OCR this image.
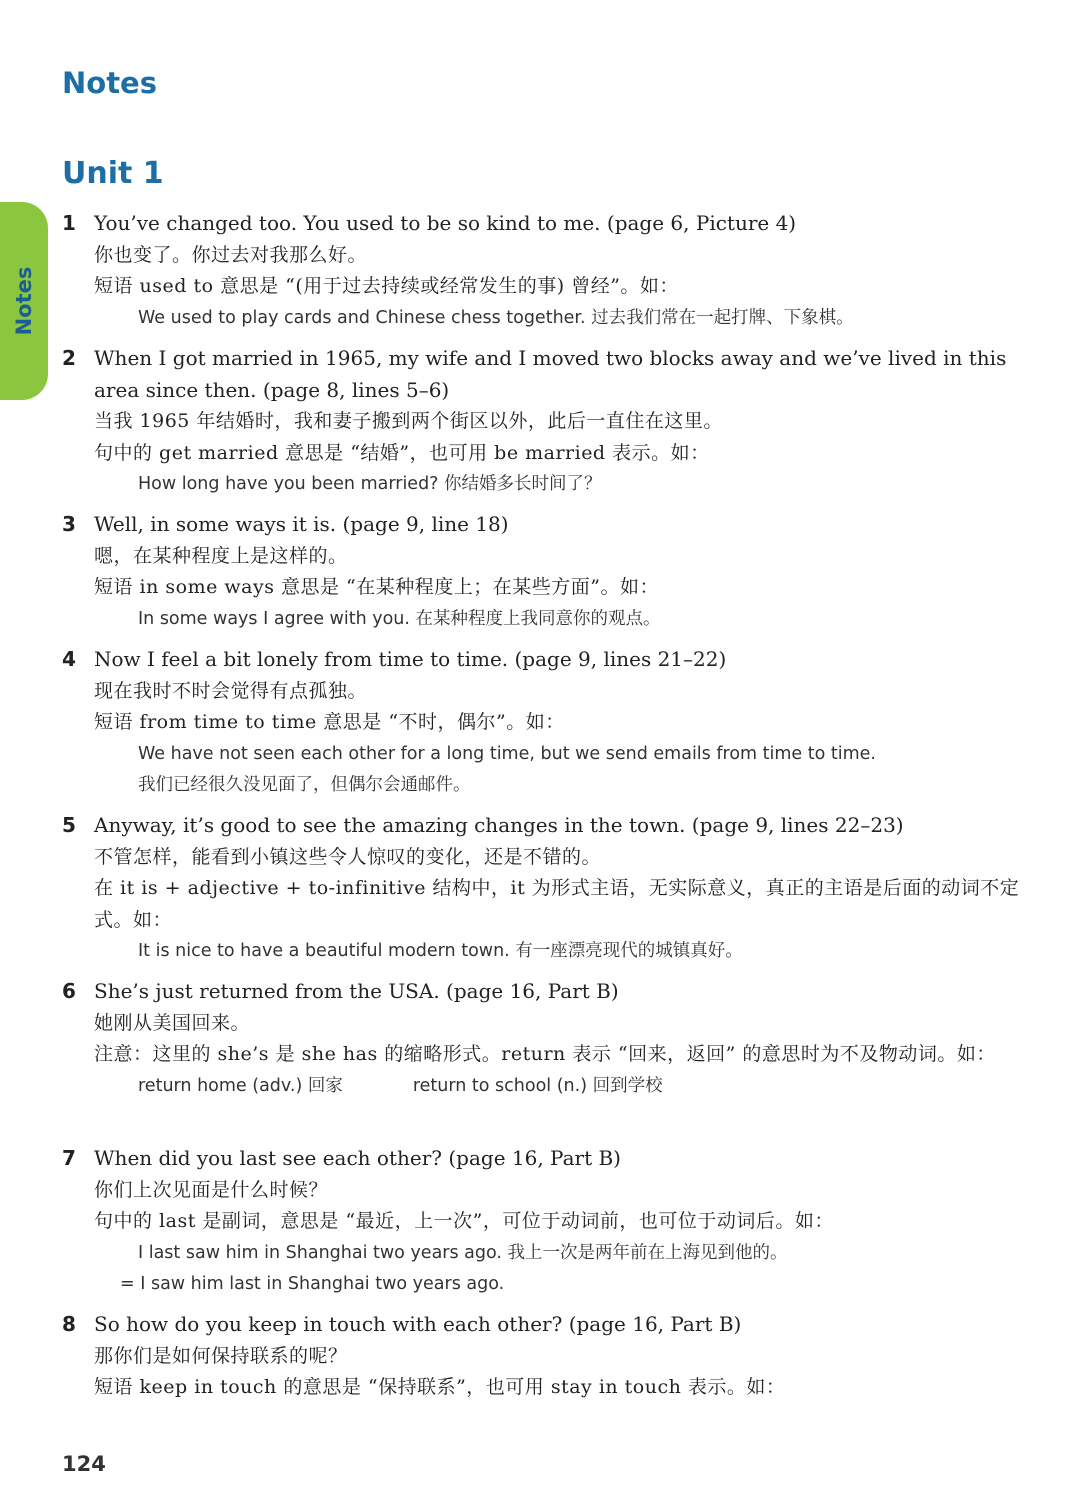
Notes
Notes
Unit 1
1 You’ve changed too. You used to be so kind to me. (page 6, Picture 4)
你也变了。你过去对我那么好。
短语 used to 意思是 “(用于过去持续或经常发生的事) 曾经”。如：
We used to play cards and Chinese chess together. 过去我们常在一起打牌、下象棋。
2 When I got married in 1965, my wife and I moved two blocks away and we’ve lived in this area since then. (page 8, lines 5–6)
当我 1965 年结婚时，我和妻子搬到两个街区以外，此后一直住在这里。
句中的 get married 意思是 “结婚”，也可用 be married 表示。如：
How long have you been married? 你结婚多长时间了？
3 Well, in some ways it is. (page 9, line 18)
嗯，在某种程度上是这样的。
短语 in some ways 意思是 “在某种程度上；在某些方面”。如：
In some ways I agree with you. 在某种程度上我同意你的观点。
4 Now I feel a bit lonely from time to time. (page 9, lines 21–22)
现在我时不时会觉得有点孤独。
短语 from time to time 意思是 “不时，偶尔”。如：
We have not seen each other for a long time, but we send emails from time to time.
我们已经很久没见面了，但偶尔会通邮件。
5 Anyway, it’s good to see the amazing changes in the town. (page 9, lines 22–23)
不管怎样，能看到小镇这些令人惊叹的变化，还是不错的。
在 it is + adjective + to-infinitive 结构中，it 为形式主语，无实际意义，真正的主语是后面的动词不定式。如：
It is nice to have a beautiful modern town. 有一座漂亮现代的城镇真好。
6 She’s just returned from the USA. (page 16, Part B)
她刚从美国回来。
注意：这里的 she’s 是 she has 的缩略形式。return 表示 “回来，返回” 的意思时为不及物动词。如：
return home (adv.) 回家	return to school (n.) 回到学校
7 When did you last see each other? (page 16, Part B)
你们上次见面是什么时候？
句中的 last 是副词，意思是 “最近，上一次”，可位于动词前，也可位于动词后。如：
I last saw him in Shanghai two years ago. 我上一次是两年前在上海见到他的。
= I saw him last in Shanghai two years ago.
8 So how do you keep in touch with each other? (page 16, Part B)
那你们是如何保持联系的呢？
短语 keep in touch 的意思是 “保持联系”，也可用 stay in touch 表示。如：
124
